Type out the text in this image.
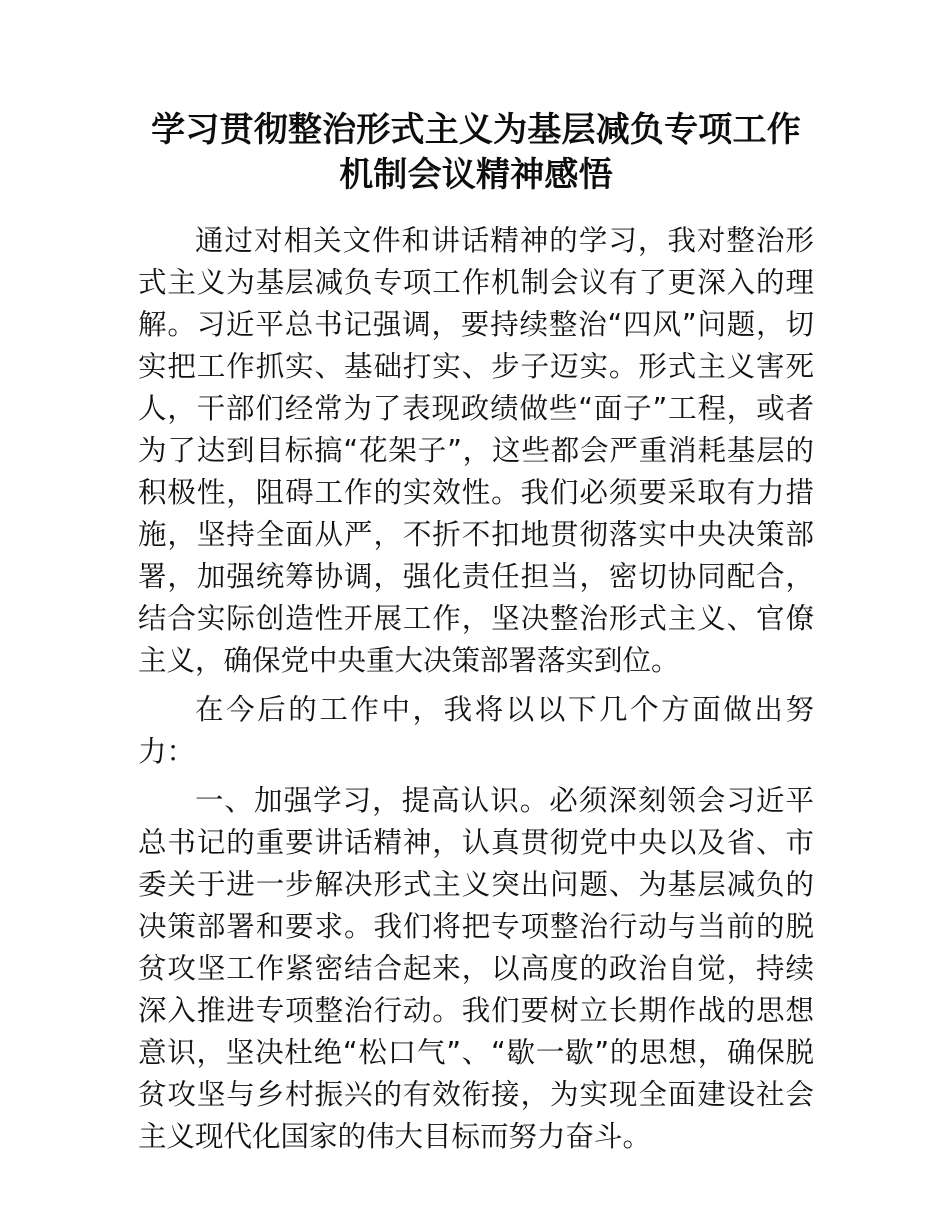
学习贯彻整治形式主义为基层减负专项工作机制会议精神感悟

通过对相关文件和讲话精神的学习，我对整治形式主义为基层减负专项工作机制会议有了更深入的理解。习近平总书记强调，要持续整治“四风”问题，切实把工作抓实、基础打实、步子迈实。形式主义害死人，干部们经常为了表现政绩做些“面子”工程，或者为了达到目标搞“花架子”，这些都会严重消耗基层的积极性，阻碍工作的实效性。我们必须要采取有力措施，坚持全面从严，不折不扣地贯彻落实中央决策部署，加强统筹协调，强化责任担当，密切协同配合，结合实际创造性开展工作，坚决整治形式主义、官僚主义，确保党中央重大决策部署落实到位。

在今后的工作中，我将以以下几个方面做出努力：

一、加强学习，提高认识。必须深刻领会习近平总书记的重要讲话精神，认真贯彻党中央以及省、市委关于进一步解决形式主义突出问题、为基层减负的决策部署和要求。我们将把专项整治行动与当前的脱贫攻坚工作紧密结合起来，以高度的政治自觉，持续深入推进专项整治行动。我们要树立长期作战的思想意识，坚决杜绝“松口气”、“歇一歇”的思想，确保脱贫攻坚与乡村振兴的有效衔接，为实现全面建设社会主义现代化国家的伟大目标而努力奋斗。
